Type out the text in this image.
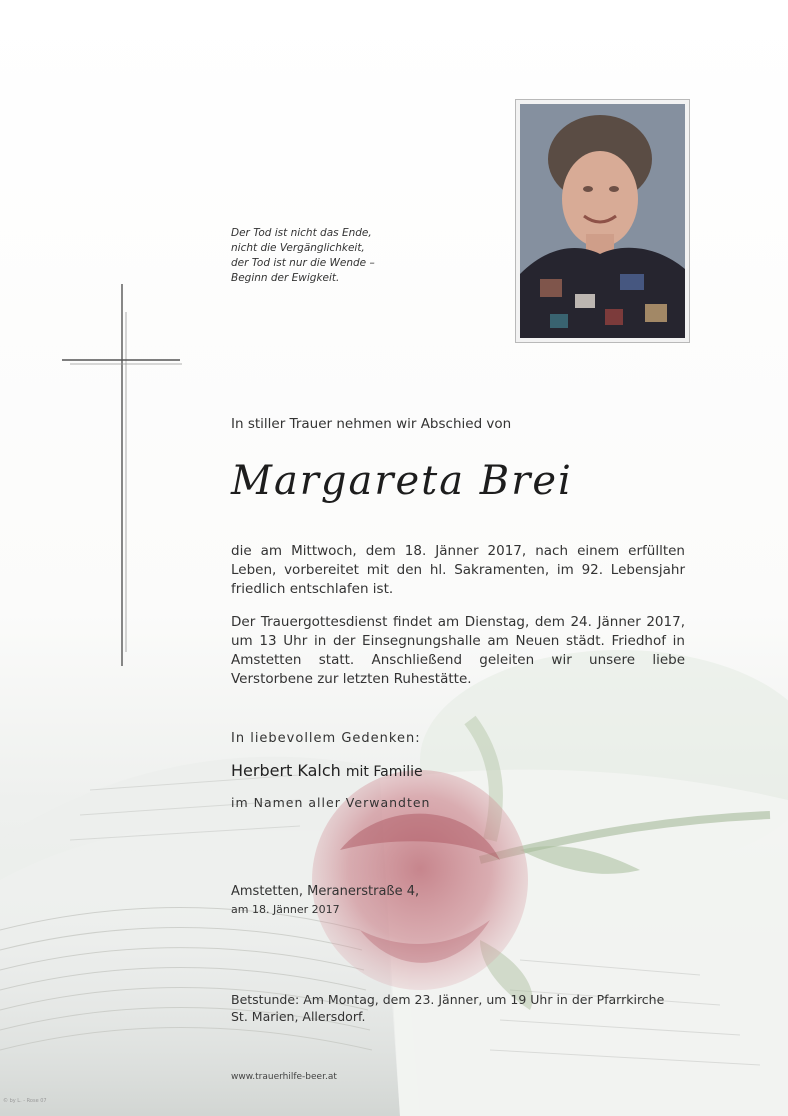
Der Tod ist nicht das Ende,
nicht die Vergänglichkeit,
der Tod ist nur die Wende –
Beginn der Ewigkeit.
In stiller Trauer nehmen wir Abschied von
Margareta Brei
die am Mittwoch, dem 18. Jänner 2017, nach einem erfüllten Leben, vorbereitet mit den hl. Sakramenten, im 92. Lebensjahr friedlich entschlafen ist.
Der Trauergottesdienst findet am Dienstag, dem 24. Jänner 2017, um 13 Uhr in der Einsegnungshalle am Neuen städt. Friedhof in Amstetten statt. Anschließend geleiten wir unsere liebe Verstorbene zur letzten Ruhestätte.
In liebevollem Gedenken:
Herbert Kalch mit Familie
im Namen aller Verwandten
Amstetten, Meranerstraße 4,
am 18. Jänner 2017
Betstunde: Am Montag, dem 23. Jänner, um 19 Uhr in der Pfarrkirche
St. Marien, Allersdorf.
www.trauerhilfe-beer.at
© by L. - Rose 07
